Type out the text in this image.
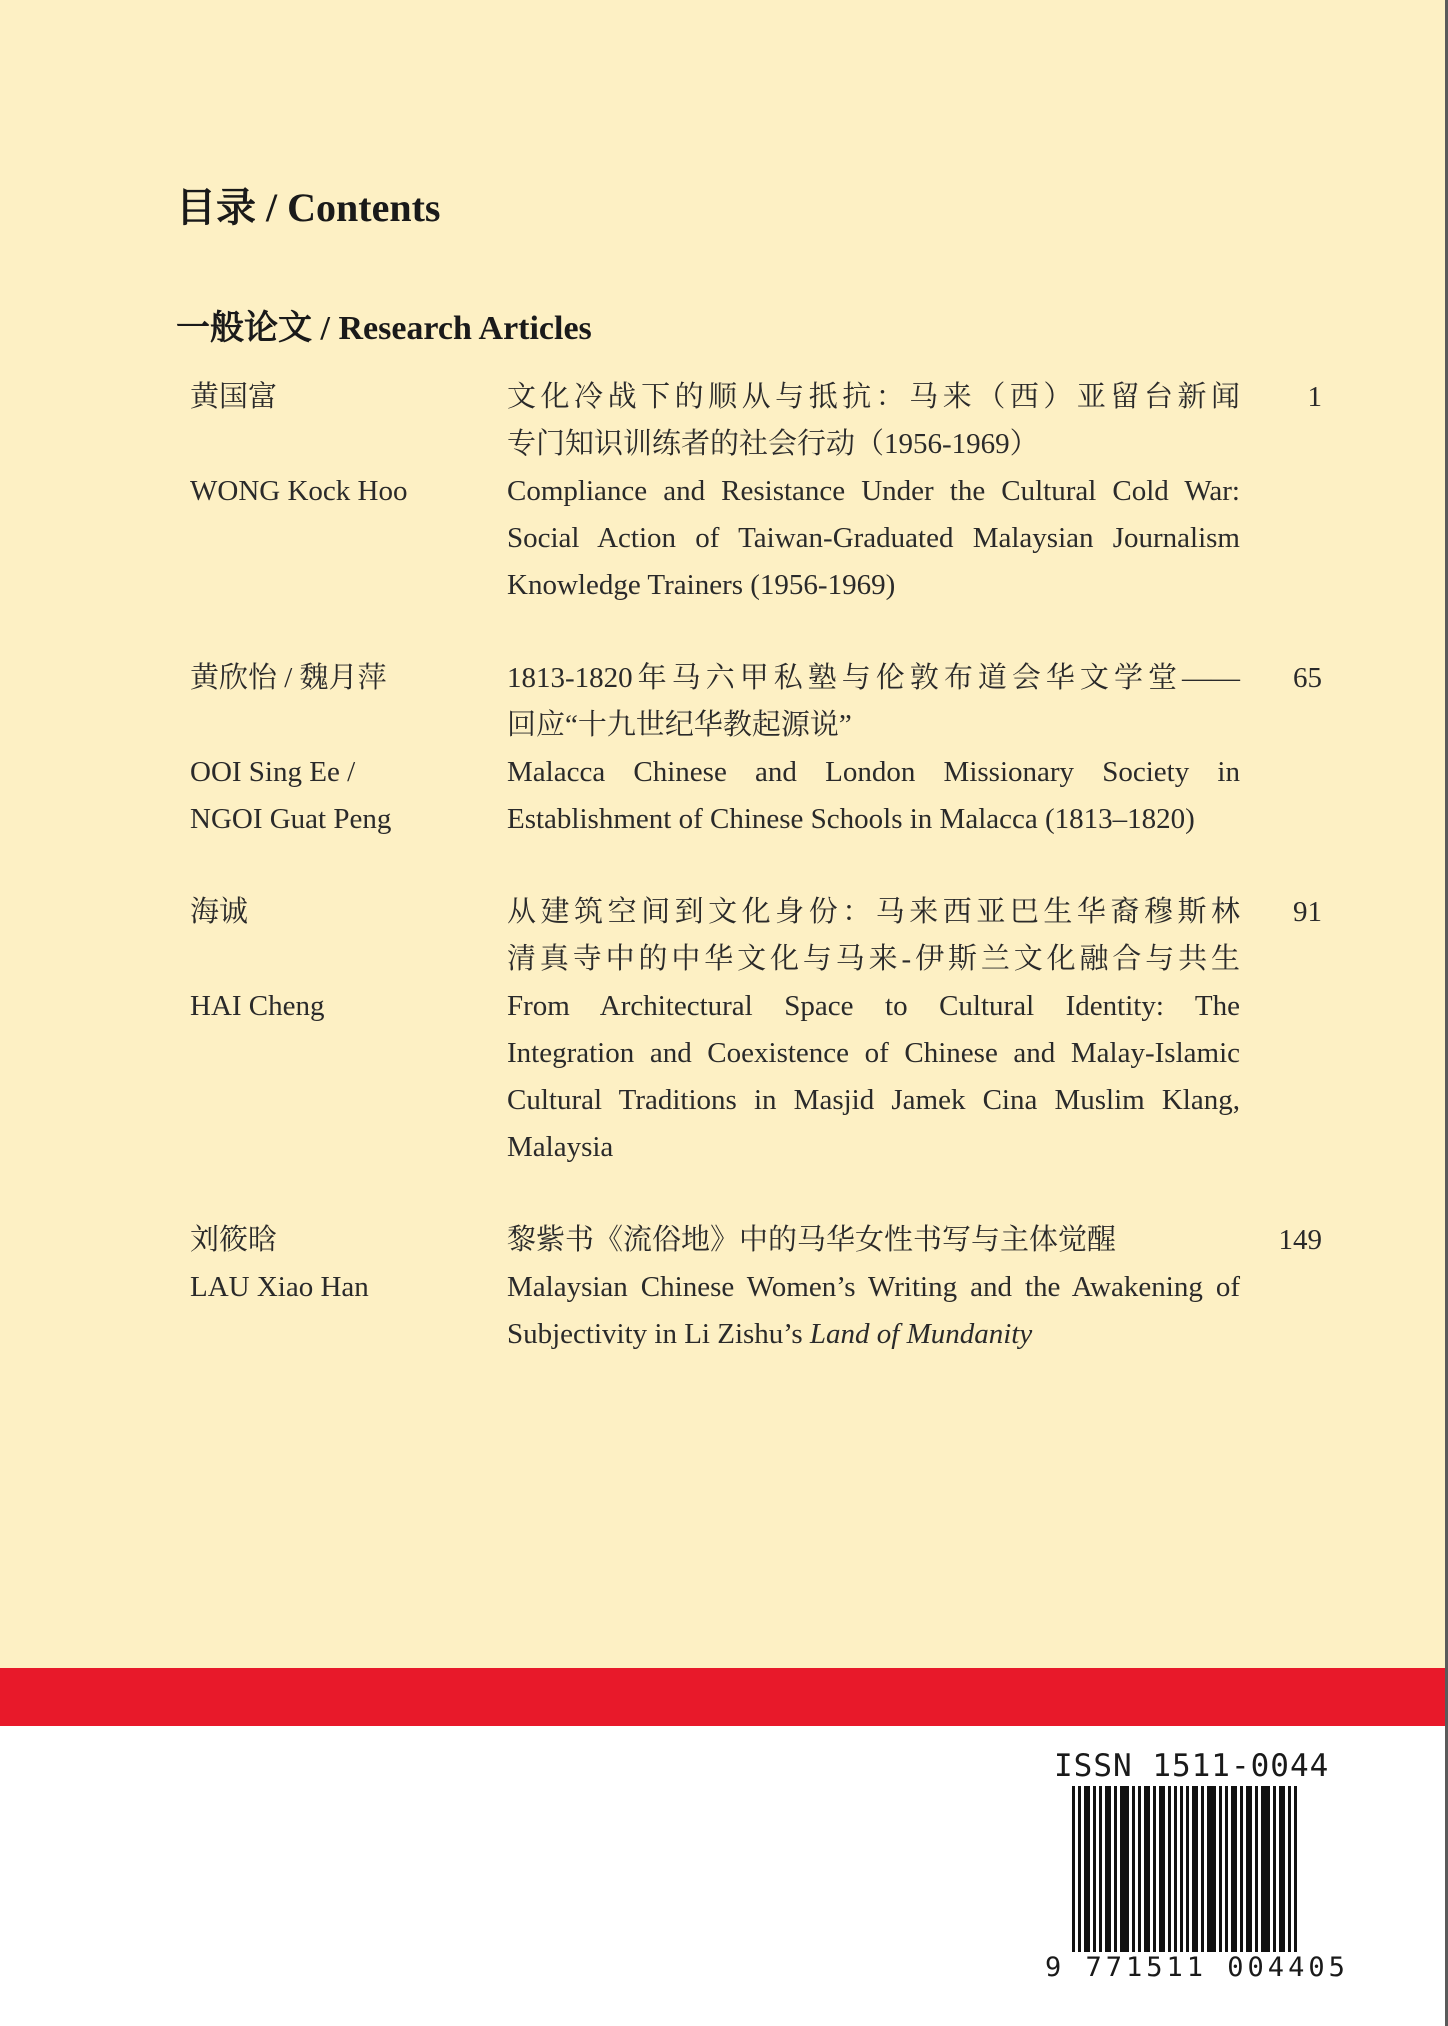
目录 / Contents
一般论文 / Research Articles
黄国富

WONG Kock Hoo
文化冷战下的顺从与抵抗：马来（西）亚留台新闻
专门知识训练者的社会行动（1956-1969）
Compliance and Resistance Under the Cultural Cold War:
Social Action of Taiwan-Graduated Malaysian Journalism
Knowledge Trainers (1956-1969)
1
黄欣怡 / 魏月萍

OOI Sing Ee /
NGOI Guat Peng
1813-1820年马六甲私塾与伦敦布道会华文学堂——
回应“十九世纪华教起源说”
Malacca Chinese and London Missionary Society in
Establishment of Chinese Schools in Malacca (1813–1820)
65
海诚

HAI Cheng
从建筑空间到文化身份：马来西亚巴生华裔穆斯林
清真寺中的中华文化与马来-伊斯兰文化融合与共生
From Architectural Space to Cultural Identity: The
Integration and Coexistence of Chinese and Malay-Islamic
Cultural Traditions in Masjid Jamek Cina Muslim Klang,
Malaysia
91
刘筱晗
LAU Xiao Han
黎紫书《流俗地》中的马华女性书写与主体觉醒
Malaysian Chinese Women’s Writing and the Awakening of
Subjectivity in Li Zishu’s Land of Mundanity
149
ISSN 1511-0044
9 771511 004405
